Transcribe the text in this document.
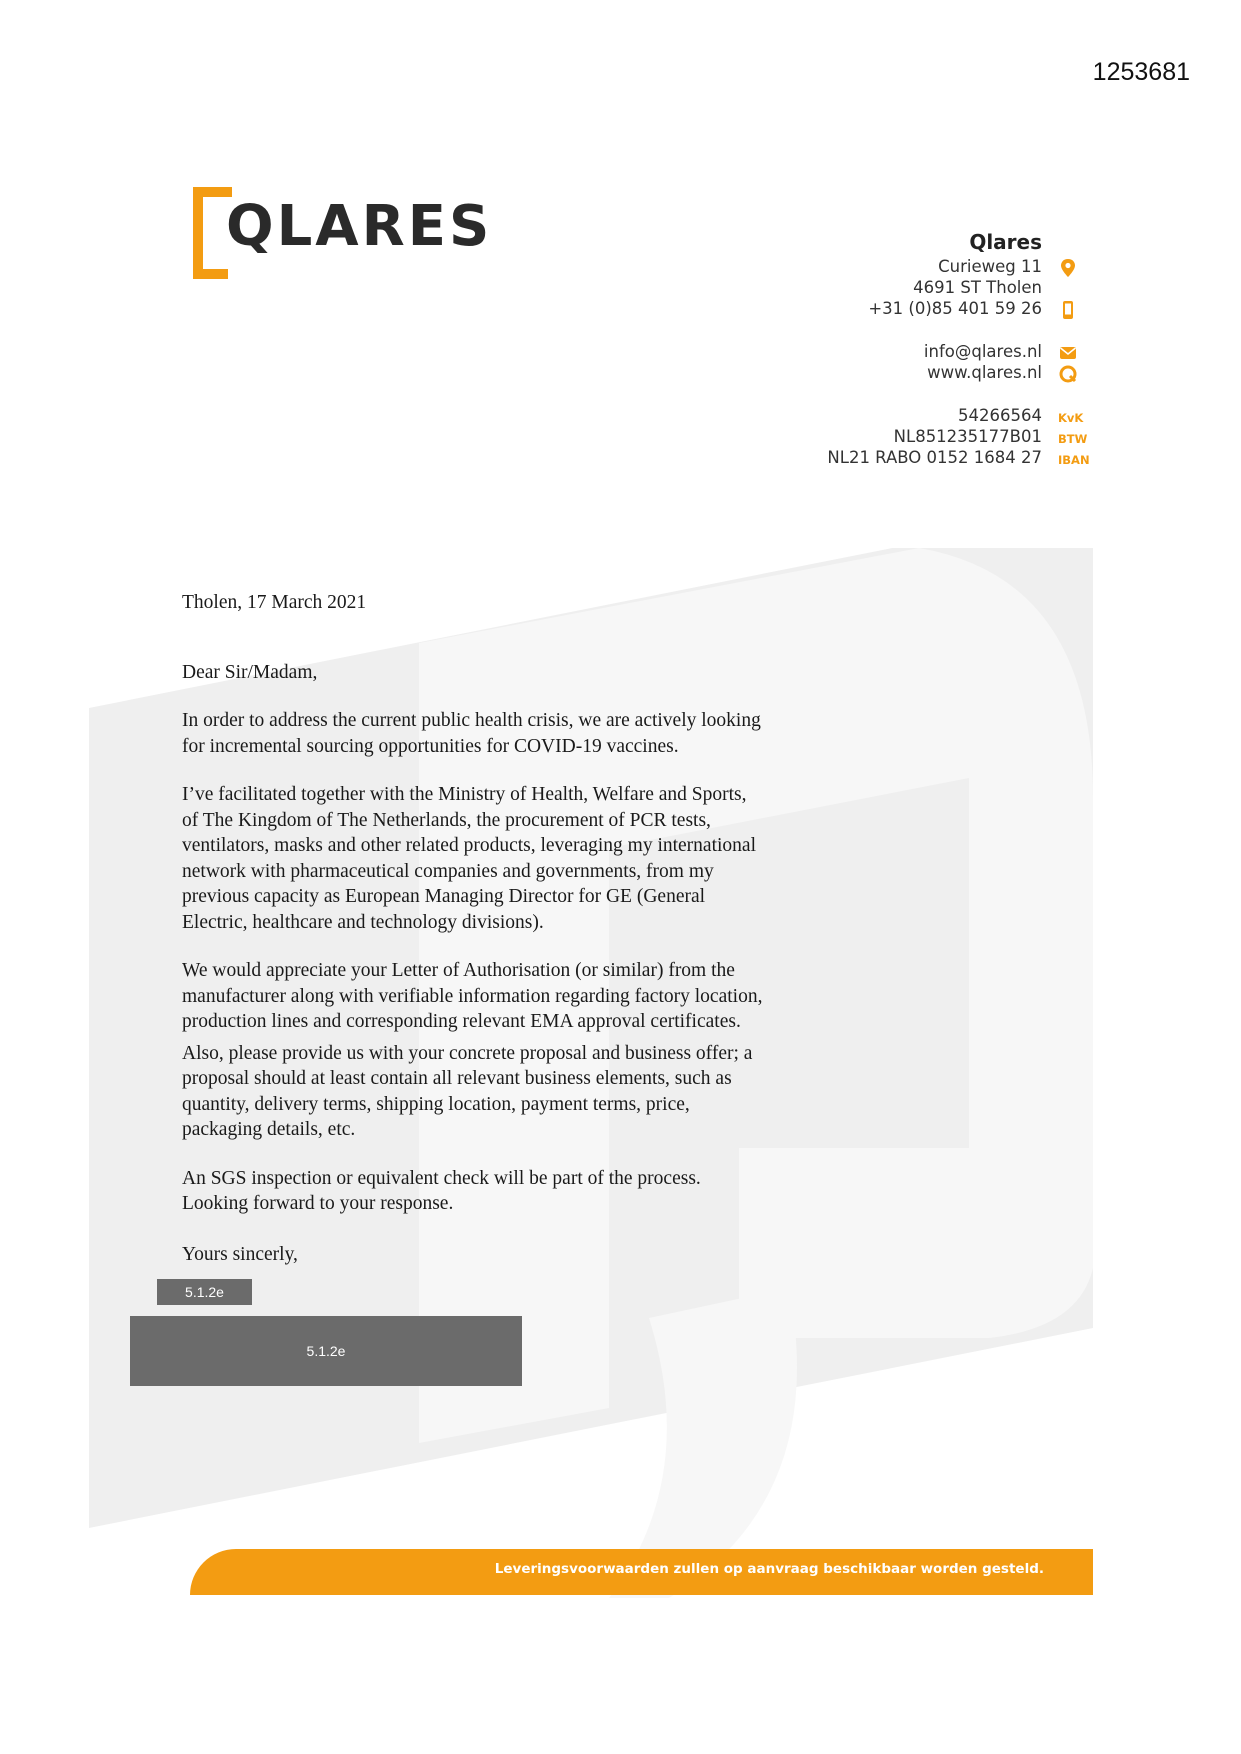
1253681
QLARES	Qlares
Curieweg 11
4691 ST Tholen
+31 (0)85 401 59 26
info@qlares.nl
www.qlares.nl
54266564
NL851235177B01
NL21 RABO 0152 1684 27
KvK
BTW
IBAN

Tholen, 17 March 2021

Dear Sir/Madam,

In order to address the current public health crisis, we are actively looking

for incremental sourcing opportunities for COVID-19 vaccines.

I’ve facilitated together with the Ministry of Health, Welfare and Sports,

of The Kingdom of The Netherlands, the procurement of PCR tests,

ventilators, masks and other related products, leveraging my international

network with pharmaceutical companies and governments, from my

previous capacity as European Managing Director for GE (General

Electric, healthcare and technology divisions).

We would appreciate your Letter of Authorisation (or similar) from the

manufacturer along with verifiable information regarding factory location,

production lines and corresponding relevant EMA approval certificates.

Also, please provide us with your concrete proposal and business offer; a

proposal should at least contain all relevant business elements, such as

quantity, delivery terms, shipping location, payment terms, price,

packaging details, etc.

An SGS inspection or equivalent check will be part of the process.

Looking forward to your response.

Yours sincerly,

5.1.2e
5.1.2e
Leveringsvoorwaarden zullen op aanvraag beschikbaar worden gesteld.
